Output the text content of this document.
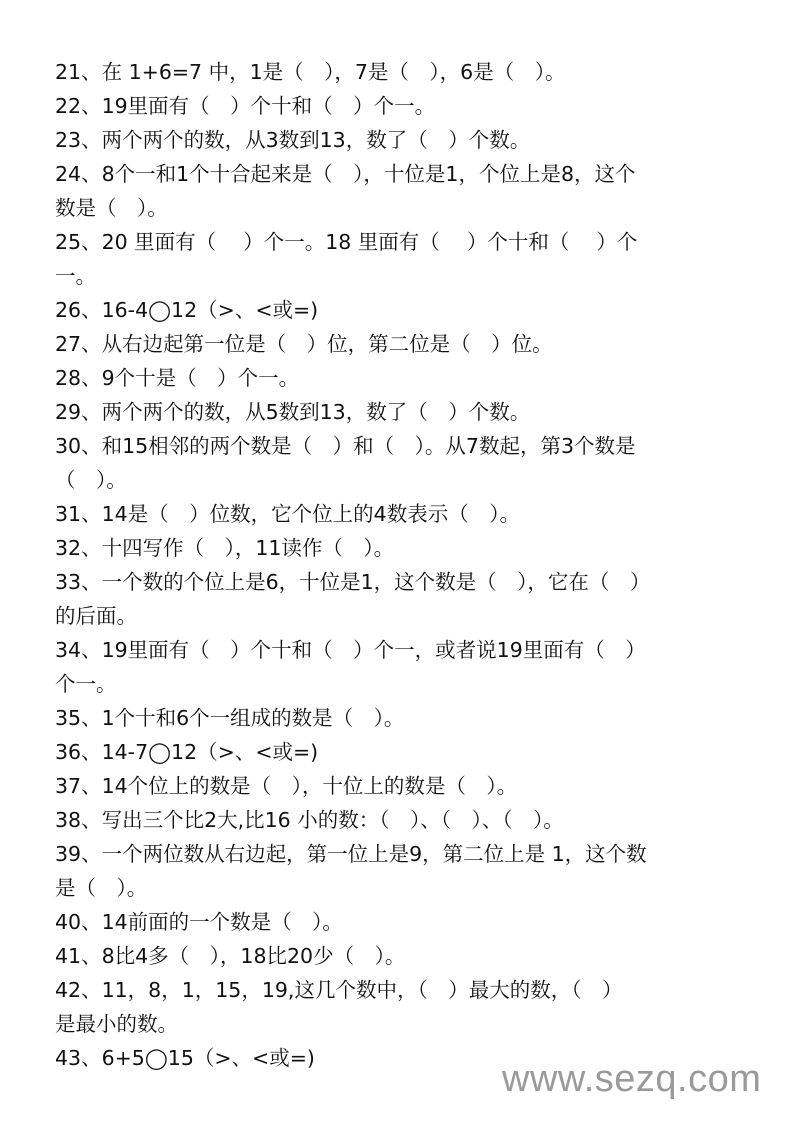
21、在 1+6=7 中，1是（　），7是（　），6是（　）。
22、19里面有（　）个十和（　）个一。
23、两个两个的数，从3数到13，数了（　）个数。
24、8个一和1个十合起来是（　），十位是1，个位上是8，这个
数是（　）。
25、20 里面有（　 ）个一。18 里面有（　 ）个十和（　 ）个
一。
26、16-4◯12（>、<或=)
27、从右边起第一位是（　）位，第二位是（　）位。
28、9个十是（　）个一。
29、两个两个的数，从5数到13，数了（　）个数。
30、和15相邻的两个数是（　）和（　）。从7数起，第3个数是
（　）。
31、14是（　）位数，它个位上的4数表示（　）。
32、十四写作（　），11读作（　）。
33、一个数的个位上是6，十位是1，这个数是（　），它在（　）
的后面。
34、19里面有（　）个十和（　）个一，或者说19里面有（　）
个一。
35、1个十和6个一组成的数是（　）。
36、14-7◯12（>、<或=)
37、14个位上的数是（　），十位上的数是（　）。
38、写出三个比2大,比16 小的数：（　）、（　）、（　）。
39、一个两位数从右边起，第一位上是9，第二位上是 1，这个数
是（　）。
40、14前面的一个数是（　）。
41、8比4多（　），18比20少（　）。
42、11，8，1，15，19,这几个数中，（　）最大的数，（　）
是最小的数。
43、6+5◯15（>、<或=)	www.sezq.com
